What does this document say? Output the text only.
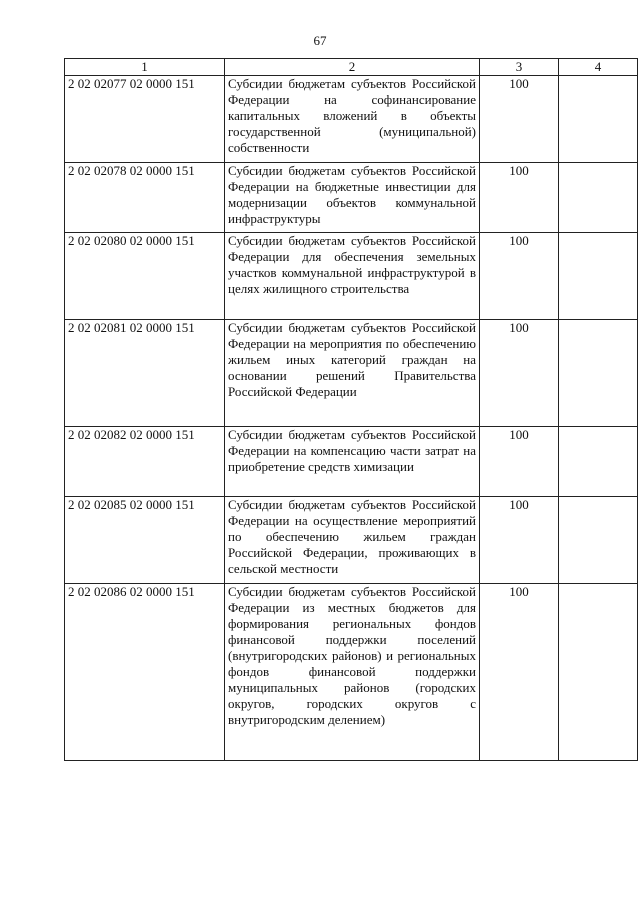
67
1	2	3	4
2 02 02077 02 0000 151	Субсидии бюджетам субъектов Российской Федерации на софинансирование капитальных вложений в объекты государственной (муниципальной) собственности	100	
2 02 02078 02 0000 151	Субсидии бюджетам субъектов Российской Федерации на бюджетные инвестиции для модернизации объектов коммунальной инфраструктуры	100	
2 02 02080 02 0000 151	Субсидии бюджетам субъектов Российской Федерации для обеспечения земельных участков коммунальной инфраструктурой в целях жилищного строительства	100	
2 02 02081 02 0000 151	Субсидии бюджетам субъектов Российской Федерации на мероприятия по обеспечению жильем иных категорий граждан на основании решений Правительства Российской Федерации	100	
2 02 02082 02 0000 151	Субсидии бюджетам субъектов Российской Федерации на компенсацию части затрат на приобретение средств химизации	100	
2 02 02085 02 0000 151	Субсидии бюджетам субъектов Российской Федерации на осуществление мероприятий по обеспечению жильем граждан Российской Федерации, проживающих в сельской местности	100	
2 02 02086 02 0000 151	Субсидии бюджетам субъектов Российской Федерации из местных бюджетов для формирования региональных фондов финансовой поддержки поселений (внутригородских районов) и региональных фондов финансовой поддержки муниципальных районов (городских округов, городских округов с внутригородским делением)	100	
